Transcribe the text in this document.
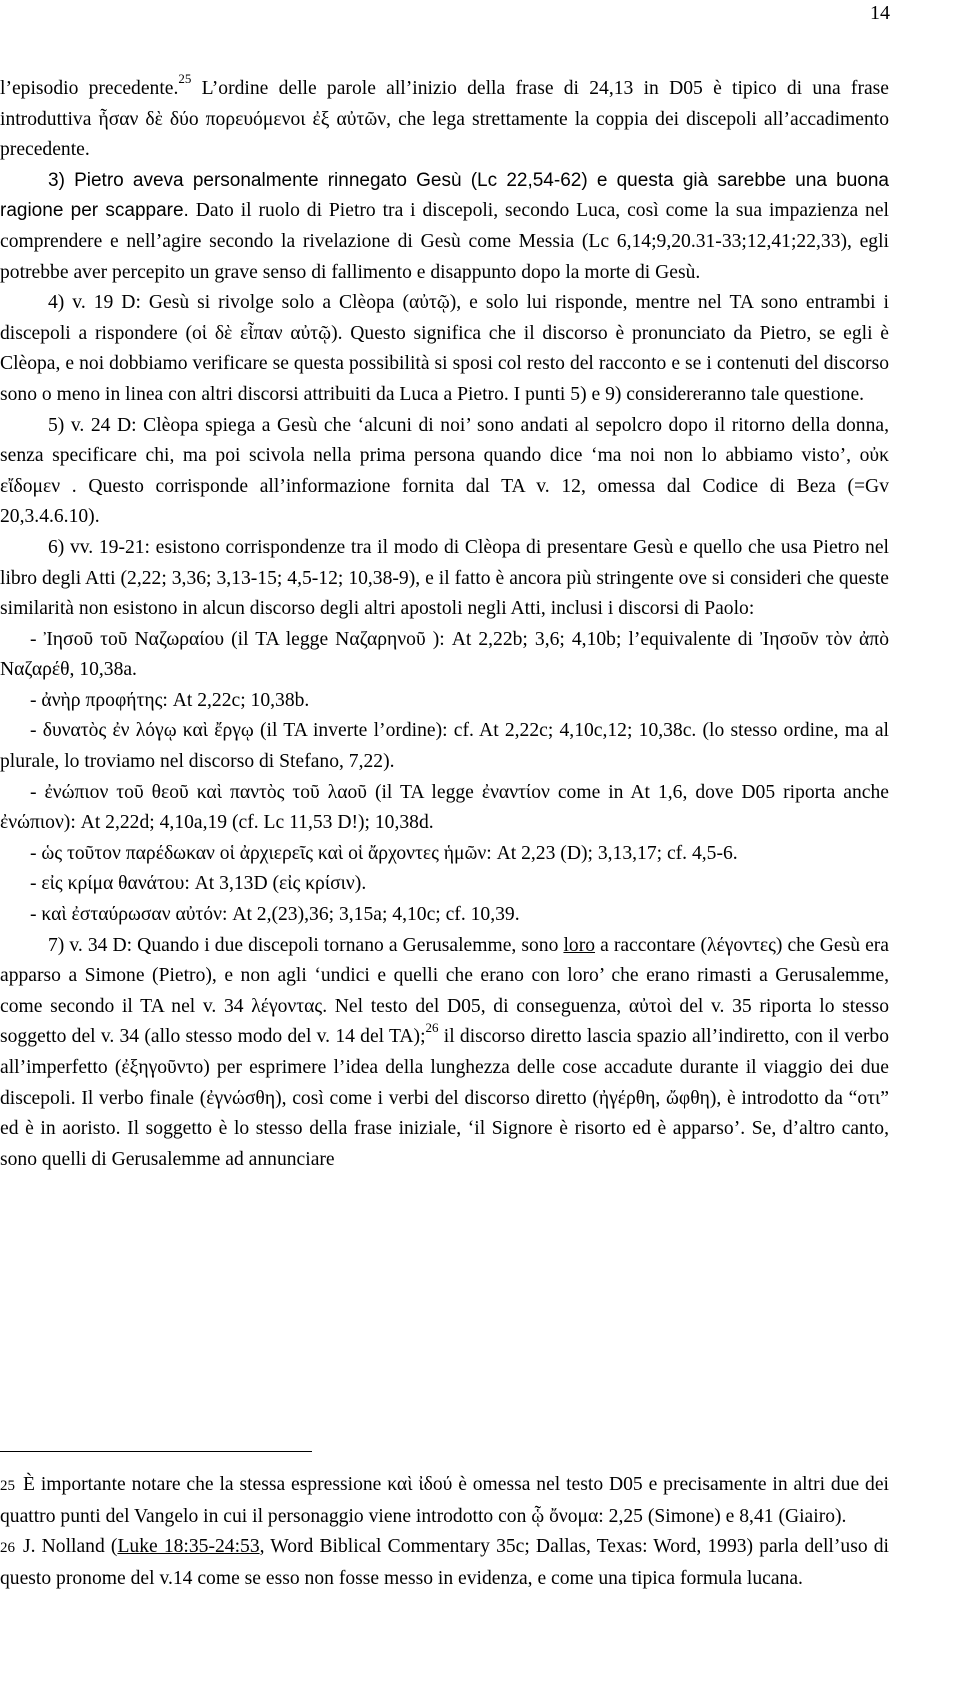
14

l’episodio precedente.$^{25}$ L’ordine delle parole all’inizio della frase di 24,13 in D05 è tipico di una frase introduttiva ἦσαν δὲ δύο πορευόμενοι ἐξ αὐτῶν, che lega strettamente la coppia dei discepoli all’accadimento precedente.

3) Pietro aveva personalmente rinnegato Gesù (Lc 22,54-62) e questa già sarebbe una buona ragione per scappare. Dato il ruolo di Pietro tra i discepoli, secondo Luca, così come la sua impazienza nel comprendere e nell’agire secondo la rivelazione di Gesù come Messia (Lc 6,14;9,20.31-33;12,41;22,33), egli potrebbe aver percepito un grave senso di fallimento e disappunto dopo la morte di Gesù.

4) v. 19 D: Gesù si rivolge solo a Clèopa (αὐτῷ), e solo lui risponde, mentre nel TA sono entrambi i discepoli a rispondere (οἱ δὲ εἶπαν αὐτῷ). Questo significa che il discorso è pronunciato da Pietro, se egli è Clèopa, e noi dobbiamo verificare se questa possibilità si sposi col resto del racconto e se i contenuti del discorso sono o meno in linea con altri discorsi attribuiti da Luca a Pietro. I punti 5) e 9) considereranno tale questione.

5) v. 24 D: Clèopa spiega a Gesù che ‘alcuni di noi’ sono andati al sepolcro dopo il ritorno della donna, senza specificare chi, ma poi scivola nella prima persona quando dice ‘ma noi non lo abbiamo visto’, οὐκ εἴδομεν . Questo corrisponde all’informazione fornita dal TA v. 12, omessa dal Codice di Beza (=Gv 20,3.4.6.10).

6) vv. 19-21: esistono corrispondenze tra il modo di Clèopa di presentare Gesù e quello che usa Pietro nel libro degli Atti (2,22; 3,36; 3,13-15; 4,5-12; 10,38-9), e il fatto è ancora più stringente ove si consideri che queste similarità non esistono in alcun discorso degli altri apostoli negli Atti, inclusi i discorsi di Paolo:

- Ἰησοῦ τοῦ Ναζωραίου (il TA legge Ναζαρηνοῦ ): At 2,22b; 3,6; 4,10b; l’equivalente di Ἰησοῦν τὸν ἀπὸ Ναζαρέθ, 10,38a.

- ἀνὴρ προφήτης: At 2,22c; 10,38b.

- δυνατὸς ἐν λόγῳ καὶ ἔργῳ (il TA inverte l’ordine): cf. At 2,22c; 4,10c,12; 10,38c. (lo stesso ordine, ma al plurale, lo troviamo nel discorso di Stefano, 7,22).

- ἐνώπιον τοῦ θεοῦ καὶ παντὸς τοῦ λαοῦ (il TA legge ἐναντίον come in At 1,6, dove D05 riporta anche ἐνώπιον): At 2,22d; 4,10a,19 (cf. Lc 11,53 D!); 10,38d.

- ὡς τοῦτον παρέδωκαν οἱ ἀρχιερεῖς καὶ οἱ ἄρχοντες ἡμῶν: At 2,23 (D); 3,13,17; cf. 4,5-6.

- εἰς κρίμα θανάτου: At 3,13D (εἰς κρίσιν).

- καὶ ἐσταύρωσαν αὐτόν: At 2,(23),36; 3,15a; 4,10c; cf. 10,39.

7) v. 34 D: Quando i due discepoli tornano a Gerusalemme, sono loro a raccontare (λέγοντες) che Gesù era apparso a Simone (Pietro), e non agli ‘undici e quelli che erano con loro’ che erano rimasti a Gerusalemme, come secondo il TA nel v. 34 λέγοντας. Nel testo del D05, di conseguenza, αὐτοὶ del v. 35 riporta lo stesso soggetto del v. 34 (allo stesso modo del v. 14 del TA);$^{26}$ il discorso diretto lascia spazio all’indiretto, con il verbo all’imperfetto (ἐξηγοῦντο) per esprimere l’idea della lunghezza delle cose accadute durante il viaggio dei due discepoli. Il verbo finale (ἐγνώσθη), così come i verbi del discorso diretto (ἠγέρθη, ὤφθη), è introdotto da “οτι” ed è in aoristo. Il soggetto è lo stesso della frase iniziale, ‘il Signore è risorto ed è apparso’. Se, d’altro canto, sono quelli di Gerusalemme ad annunciare

25 È importante notare che la stessa espressione καὶ ἰδού è omessa nel testo D05 e precisamente in altri due dei quattro punti del Vangelo in cui il personaggio viene introdotto con ᾧ ὄνομα: 2,25 (Simone) e 8,41 (Giairo).

26 J. Nolland (Luke 18:35-24:53, Word Biblical Commentary 35c; Dallas, Texas: Word, 1993) parla dell’uso di questo pronome del v.14 come se esso non fosse messo in evidenza, e come una tipica formula lucana.
